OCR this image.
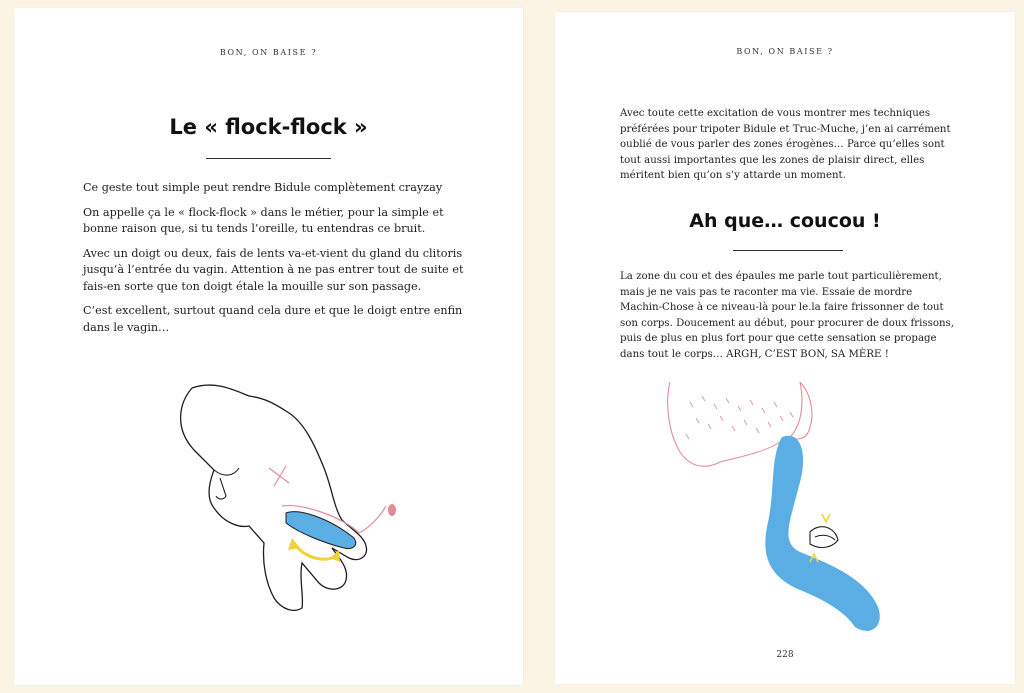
BON, ON BAISE ?
Le « flock-flock »

Ce geste tout simple peut rendre Bidule complètement crayzay

On appelle ça le « flock-flock » dans le métier, pour la simple et bonne raison que, si tu tends l’oreille, tu entendras ce bruit.

Avec un doigt ou deux, fais de lents va-et-vient du gland du clitoris jusqu’à l’entrée du vagin. Attention à ne pas entrer tout de suite et fais-en sorte que ton doigt étale la mouille sur son passage.

C’est excellent, surtout quand cela dure et que le doigt entre enfin dans le vagin…

BON, ON BAISE ?

Avec toute cette excitation de vous montrer mes techniques préférées pour tripoter Bidule et Truc-Muche, j’en ai carrément oublié de vous parler des zones érogènes… Parce qu’elles sont tout aussi importantes que les zones de plaisir direct, elles méritent bien qu’on s’y attarde un moment.

Ah que… coucou !

La zone du cou et des épaules me parle tout particulièrement, mais je ne vais pas te raconter ma vie. Essaie de mordre Machin-Chose à ce niveau-là pour le.la faire frissonner de tout son corps. Doucement au début, pour procurer de doux frissons, puis de plus en plus fort pour que cette sensation se propage dans tout le corps… ARGH, C’EST BON, SA MÈRE !

228
